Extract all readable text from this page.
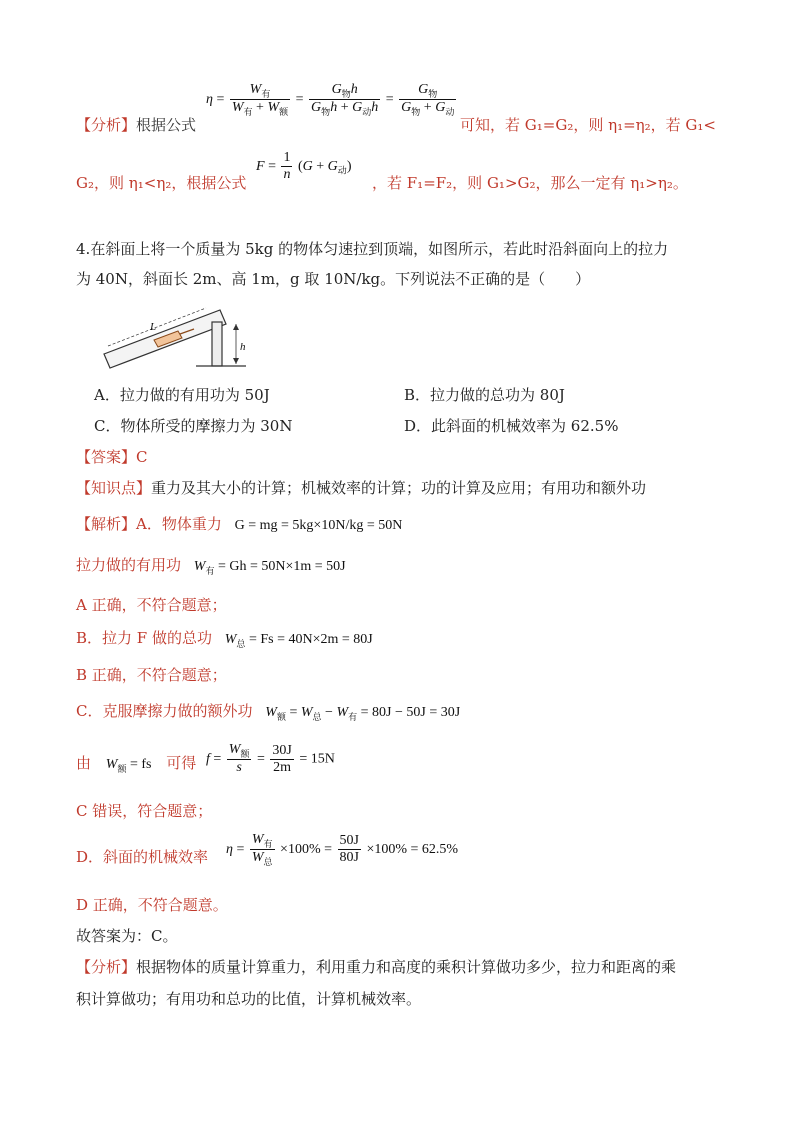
【分析】根据公式
$\eta = \frac{W_有}{W_有 + W_额} = \frac{G_物h}{G_物h + G_动h} = \frac{G_物}{G_物 + G_动}$
可知，若 G₁=G₂，则 η₁=η₂，若 G₁<
G₂，则 η₁<η₂，根据公式
$F = \frac{1}{n} (G + G_动)$
，若 F₁=F₂，则 G₁>G₂，那么一定有 η₁>η₂。
4.在斜面上将一个质量为 5kg 的物体匀速拉到顶端，如图所示，若此时沿斜面向上的拉力
为 40N，斜面长 2m、高 1m，g 取 10N/kg。下列说法不正确的是（　　）
L
h
A．拉力做的有用功为 50J	B．拉力做的总功为 80J
C．物体所受的摩擦力为 30N	D．此斜面的机械效率为 62.5%
【答案】C
【知识点】重力及其大小的计算；机械效率的计算；功的计算及应用；有用功和额外功
【解析】A．物体重力 G = mg = 5kg×10N/kg = 50N
拉力做的有用功 $W_有 = Gh = 50N\times 1m = 50J$
A 正确，不符合题意；
B．拉力 F 做的总功 $W_总 = Fs = 40N\times 2m = 80J$
B 正确，不符合题意；
C．克服摩擦力做的额外功 $W_额 = W_总 - W_有 = 80J - 50J = 30J$
由 $W_额$ = fs 可得 $f = \frac{W_额}{s} = \frac{30J}{2m} = 15N$
C 错误，符合题意；
D．斜面的机械效率 $\eta = \frac{W_有}{W_总} \times 100\% = \frac{50J}{80J} \times 100\% = 62.5\%$
D 正确，不符合题意。
故答案为：C。
【分析】根据物体的质量计算重力，利用重力和高度的乘积计算做功多少，拉力和距离的乘
积计算做功；有用功和总功的比值，计算机械效率。
